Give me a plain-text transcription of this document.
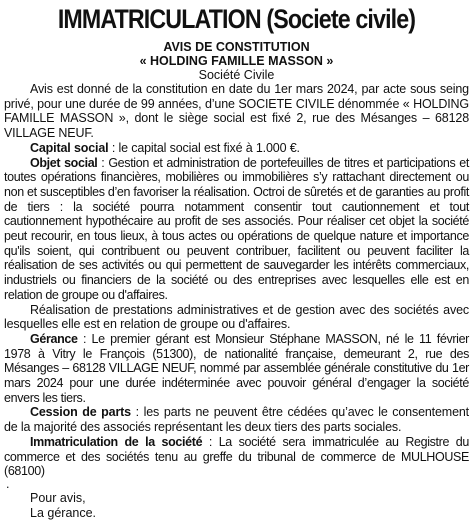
IMMATRICULATION (Societe civile)
AVIS DE CONSTITUTION
« HOLDING FAMILLE MASSON »
Société Civile

Avis est donné de la constitution en date du 1er mars 2024, par acte sous seing privé, pour une durée de 99 années, d’une SOCIETE CIVILE dénommée « HOLDING FAMILLE MASSON », dont le siège social est fixé 2, rue des Mésanges – 68128 VILLAGE NEUF.

Capital social : le capital social est fixé à 1.000 €.

Objet social : Gestion et administration de portefeuilles de titres et participations et toutes opérations financières, mobilières ou immobilières s’y rattachant directement ou non et susceptibles d’en favoriser la réalisation. Octroi de sûretés et de garanties au profit de tiers : la société pourra notamment consentir tout cautionnement et tout cautionnement hypothécaire au profit de ses associés. Pour réaliser cet objet la société peut recourir, en tous lieux, à tous actes ou opérations de quelque nature et importance qu'ils soient, qui contribuent ou peuvent contribuer, facilitent ou peuvent faciliter la réalisation de ses activités ou qui permettent de sauvegarder les intérêts commerciaux, industriels ou financiers de la société ou des entreprises avec lesquelles elle est en relation de groupe ou d'affaires.

Réalisation de prestations administratives et de gestion avec des sociétés avec lesquelles elle est en relation de groupe ou d'affaires.

Gérance : Le premier gérant est Monsieur Stéphane MASSON, né le 11 février 1978 à Vitry le François (51300), de nationalité française, demeurant 2, rue des Mésanges – 68128 VILLAGE NEUF, nommé par assemblée générale constitutive du 1er mars 2024 pour une durée indéterminée avec pouvoir général d’engager la société envers les tiers.

Cession de parts : les parts ne peuvent être cédées qu’avec le consentement de la majorité des associés représentant les deux tiers des parts sociales.

Immatriculation de la société : La société sera immatriculée au Registre du commerce et des sociétés tenu au greffe du tribunal de commerce de MULHOUSE (68100)

.
Pour avis,
La gérance.
